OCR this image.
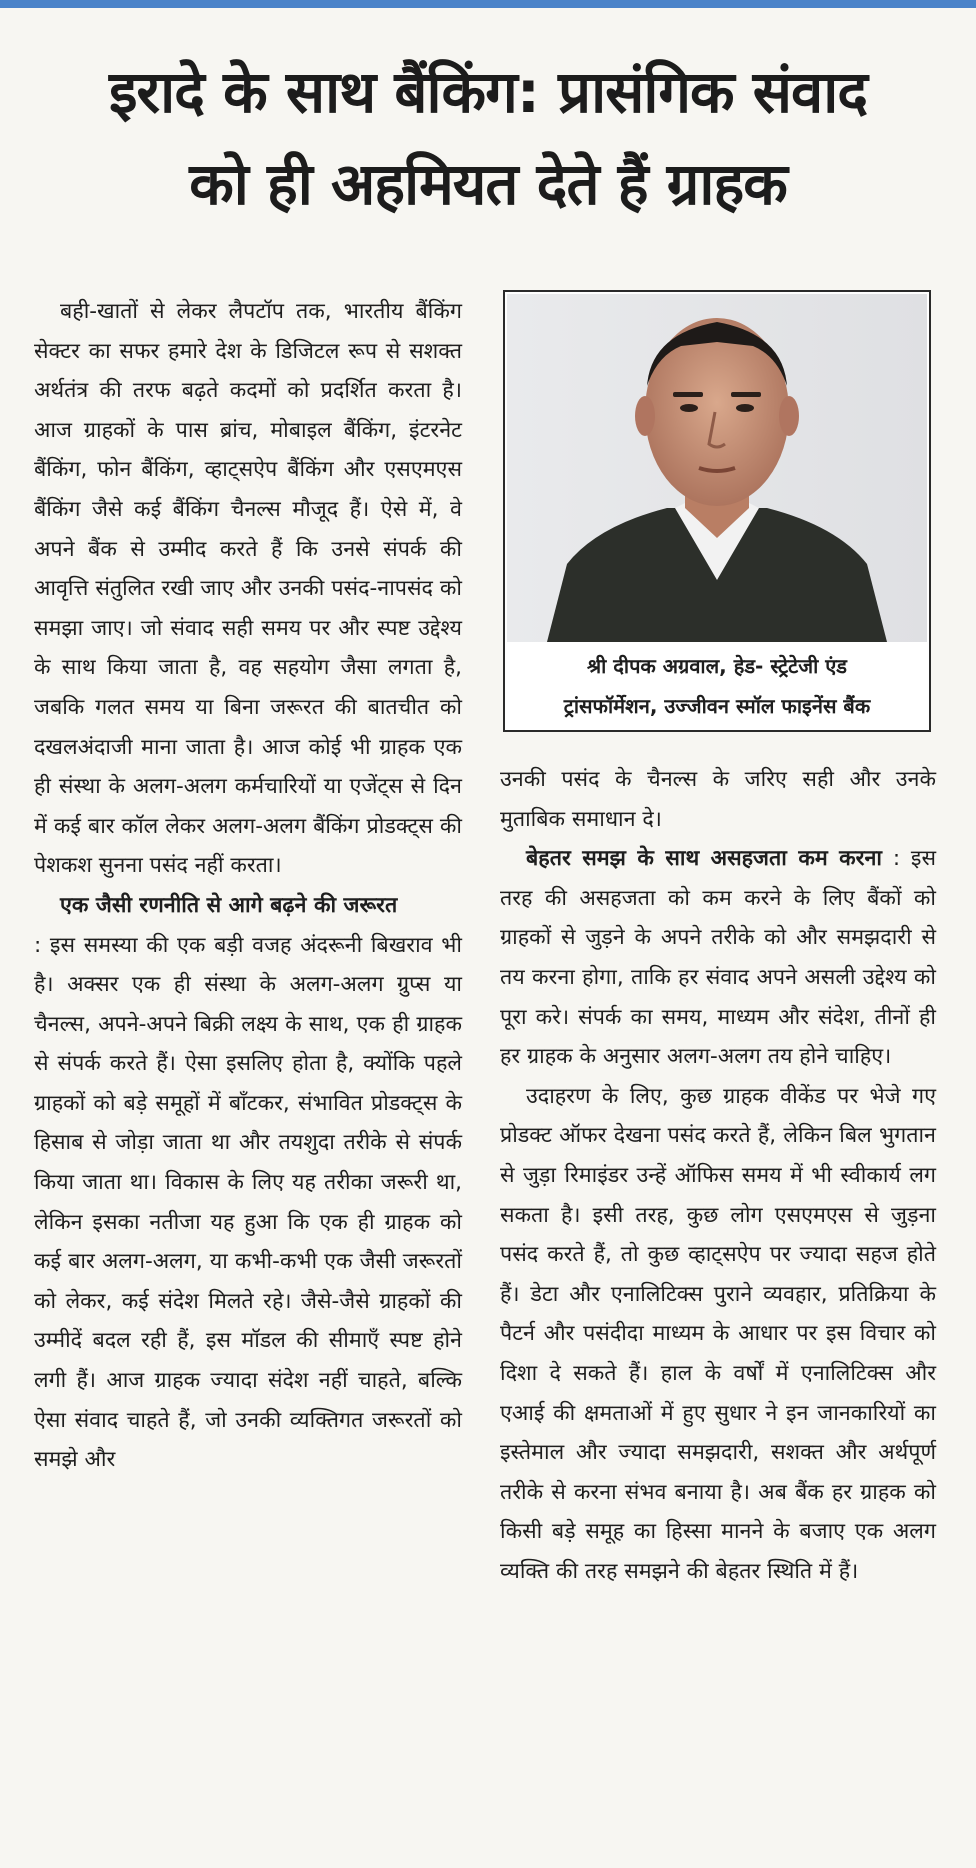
इरादे के साथ बैंकिंग: प्रासंगिक संवाद
को ही अहमियत देते हैं ग्राहक

बही-खातों से लेकर लैपटॉप तक, भारतीय बैंकिंग सेक्टर का सफर हमारे देश के डिजिटल रूप से सशक्त अर्थतंत्र की तरफ बढ़ते कदमों को प्रदर्शित करता है। आज ग्राहकों के पास ब्रांच, मोबाइल बैंकिंग, इंटरनेट बैंकिंग, फोन बैंकिंग, व्हाट्सऐप बैंकिंग और एसएमएस बैंकिंग जैसे कई बैंकिंग चैनल्स मौजूद हैं। ऐसे में, वे अपने बैंक से उम्मीद करते हैं कि उनसे संपर्क की आवृत्ति संतुलित रखी जाए और उनकी पसंद-नापसंद को समझा जाए। जो संवाद सही समय पर और स्पष्ट उद्देश्य के साथ किया जाता है, वह सहयोग जैसा लगता है, जबकि गलत समय या बिना जरूरत की बातचीत को दखलअंदाजी माना जाता है। आज कोई भी ग्राहक एक ही संस्था के अलग-अलग कर्मचारियों या एजेंट्स से दिन में कई बार कॉल लेकर अलग-अलग बैंकिंग प्रोडक्ट्स की पेशकश सुनना पसंद नहीं करता।

एक जैसी रणनीति से आगे बढ़ने की जरूरत

: इस समस्या की एक बड़ी वजह अंदरूनी बिखराव भी है। अक्सर एक ही संस्था के अलग-अलग ग्रुप्स या चैनल्स, अपने-अपने बिक्री लक्ष्य के साथ, एक ही ग्राहक से संपर्क करते हैं। ऐसा इसलिए होता है, क्योंकि पहले ग्राहकों को बड़े समूहों में बाँटकर, संभावित प्रोडक्ट्स के हिसाब से जोड़ा जाता था और तयशुदा तरीके से संपर्क किया जाता था। विकास के लिए यह तरीका जरूरी था, लेकिन इसका नतीजा यह हुआ कि एक ही ग्राहक को कई बार अलग-अलग, या कभी-कभी एक जैसी जरूरतों को लेकर, कई संदेश मिलते रहे। जैसे-जैसे ग्राहकों की उम्मीदें बदल रही हैं, इस मॉडल की सीमाएँ स्पष्ट होने लगी हैं। आज ग्राहक ज्यादा संदेश नहीं चाहते, बल्कि ऐसा संवाद चाहते हैं, जो उनकी व्यक्तिगत जरूरतों को समझे और

श्री दीपक अग्रवाल, हेड- स्ट्रेटेजी एंड
ट्रांसफॉर्मेशन, उज्जीवन स्मॉल फाइनेंस बैंक

उनकी पसंद के चैनल्स के जरिए सही और उनके मुताबिक समाधान दे।

बेहतर समझ के साथ असहजता कम करना : इस तरह की असहजता को कम करने के लिए बैंकों को ग्राहकों से जुड़ने के अपने तरीके को और समझदारी से तय करना होगा, ताकि हर संवाद अपने असली उद्देश्य को पूरा करे। संपर्क का समय, माध्यम और संदेश, तीनों ही हर ग्राहक के अनुसार अलग-अलग तय होने चाहिए।

उदाहरण के लिए, कुछ ग्राहक वीकेंड पर भेजे गए प्रोडक्ट ऑफर देखना पसंद करते हैं, लेकिन बिल भुगतान से जुड़ा रिमाइंडर उन्हें ऑफिस समय में भी स्वीकार्य लग सकता है। इसी तरह, कुछ लोग एसएमएस से जुड़ना पसंद करते हैं, तो कुछ व्हाट्सऐप पर ज्यादा सहज होते हैं। डेटा और एनालिटिक्स पुराने व्यवहार, प्रतिक्रिया के पैटर्न और पसंदीदा माध्यम के आधार पर इस विचार को दिशा दे सकते हैं। हाल के वर्षों में एनालिटिक्स और एआई की क्षमताओं में हुए सुधार ने इन जानकारियों का इस्तेमाल और ज्यादा समझदारी, सशक्त और अर्थपूर्ण तरीके से करना संभव बनाया है। अब बैंक हर ग्राहक को किसी बड़े समूह का हिस्सा मानने के बजाए एक अलग व्यक्ति की तरह समझने की बेहतर स्थिति में हैं।
